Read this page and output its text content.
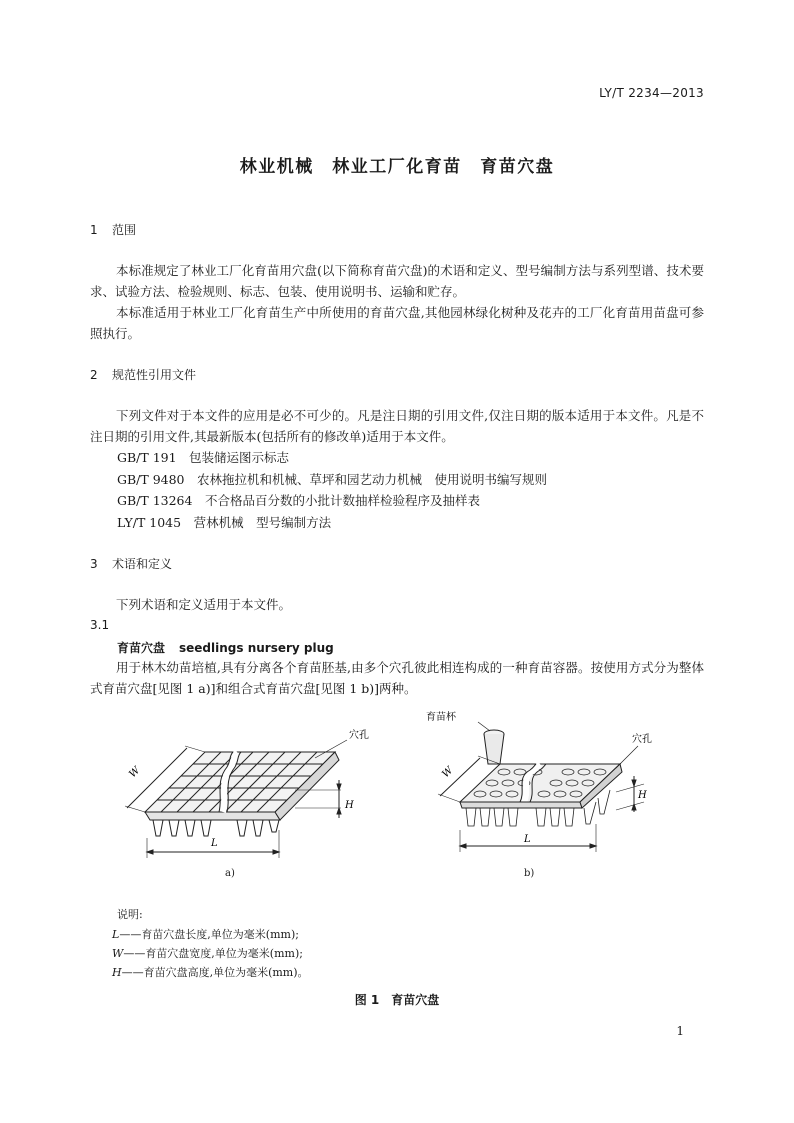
LY/T 2234—2013
林业机械　林业工厂化育苗　育苗穴盘
1 范围
本标准规定了林业工厂化育苗用穴盘(以下简称育苗穴盘)的术语和定义、型号编制方法与系列型谱、技术要求、试验方法、检验规则、标志、包装、使用说明书、运输和贮存。
本标准适用于林业工厂化育苗生产中所使用的育苗穴盘,其他园林绿化树种及花卉的工厂化育苗用苗盘可参照执行。
2 规范性引用文件
下列文件对于本文件的应用是必不可少的。凡是注日期的引用文件,仅注日期的版本适用于本文件。凡是不注日期的引用文件,其最新版本(包括所有的修改单)适用于本文件。
GB/T 191　包装储运图示标志
GB/T 9480　农林拖拉机和机械、草坪和园艺动力机械　使用说明书编写规则
GB/T 13264　不合格品百分数的小批计数抽样检验程序及抽样表
LY/T 1045　营林机械　型号编制方法
3 术语和定义
下列术语和定义适用于本文件。
3.1
育苗穴盘 seedlings nursery plug
用于林木幼苗培植,具有分离各个育苗胚基,由多个穴孔彼此相连构成的一种育苗容器。按使用方式分为整体式育苗穴盘[见图 1 a)]和组合式育苗穴盘[见图 1 b)]两种。
W
L
H
穴孔
a)
育苗杯
穴孔
W
L
H
b)
说明:
L——育苗穴盘长度,单位为毫米(mm);
W——育苗穴盘宽度,单位为毫米(mm);
H——育苗穴盘高度,单位为毫米(mm)。
图 1　育苗穴盘
1
